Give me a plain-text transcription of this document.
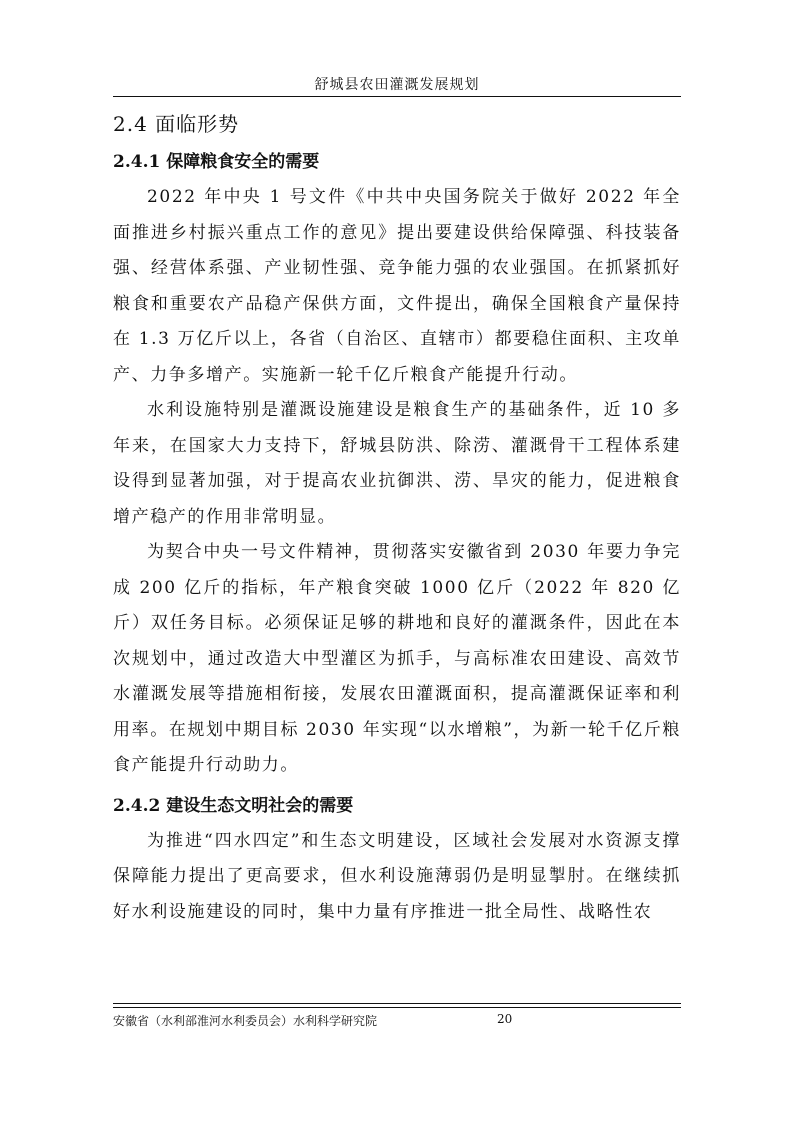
舒城县农田灌溉发展规划
2.4 面临形势
2.4.1 保障粮食安全的需要

2022 年中央 1 号文件《中共中央国务院关于做好 2022 年全面推进乡村振兴重点工作的意见》提出要建设供给保障强、科技装备强、经营体系强、产业韧性强、竞争能力强的农业强国。在抓紧抓好粮食和重要农产品稳产保供方面，文件提出，确保全国粮食产量保持在 1.3 万亿斤以上，各省（自治区、直辖市）都要稳住面积、主攻单产、力争多增产。实施新一轮千亿斤粮食产能提升行动。

水利设施特别是灌溉设施建设是粮食生产的基础条件，近 10 多年来，在国家大力支持下，舒城县防洪、除涝、灌溉骨干工程体系建设得到显著加强，对于提高农业抗御洪、涝、旱灾的能力，促进粮食增产稳产的作用非常明显。

为契合中央一号文件精神，贯彻落实安徽省到 2030 年要力争完成 200 亿斤的指标，年产粮食突破 1000 亿斤（2022 年 820 亿斤）双任务目标。必须保证足够的耕地和良好的灌溉条件，因此在本次规划中，通过改造大中型灌区为抓手，与高标准农田建设、高效节水灌溉发展等措施相衔接，发展农田灌溉面积，提高灌溉保证率和利用率。在规划中期目标 2030 年实现“以水增粮”，为新一轮千亿斤粮食产能提升行动助力。

2.4.2 建设生态文明社会的需要

为推进“四水四定”和生态文明建设，区域社会发展对水资源支撑保障能力提出了更高要求，但水利设施薄弱仍是明显掣肘。在继续抓好水利设施建设的同时，集中力量有序推进一批全局性、战略性农

安徽省（水利部淮河水利委员会）水利科学研究院	20
